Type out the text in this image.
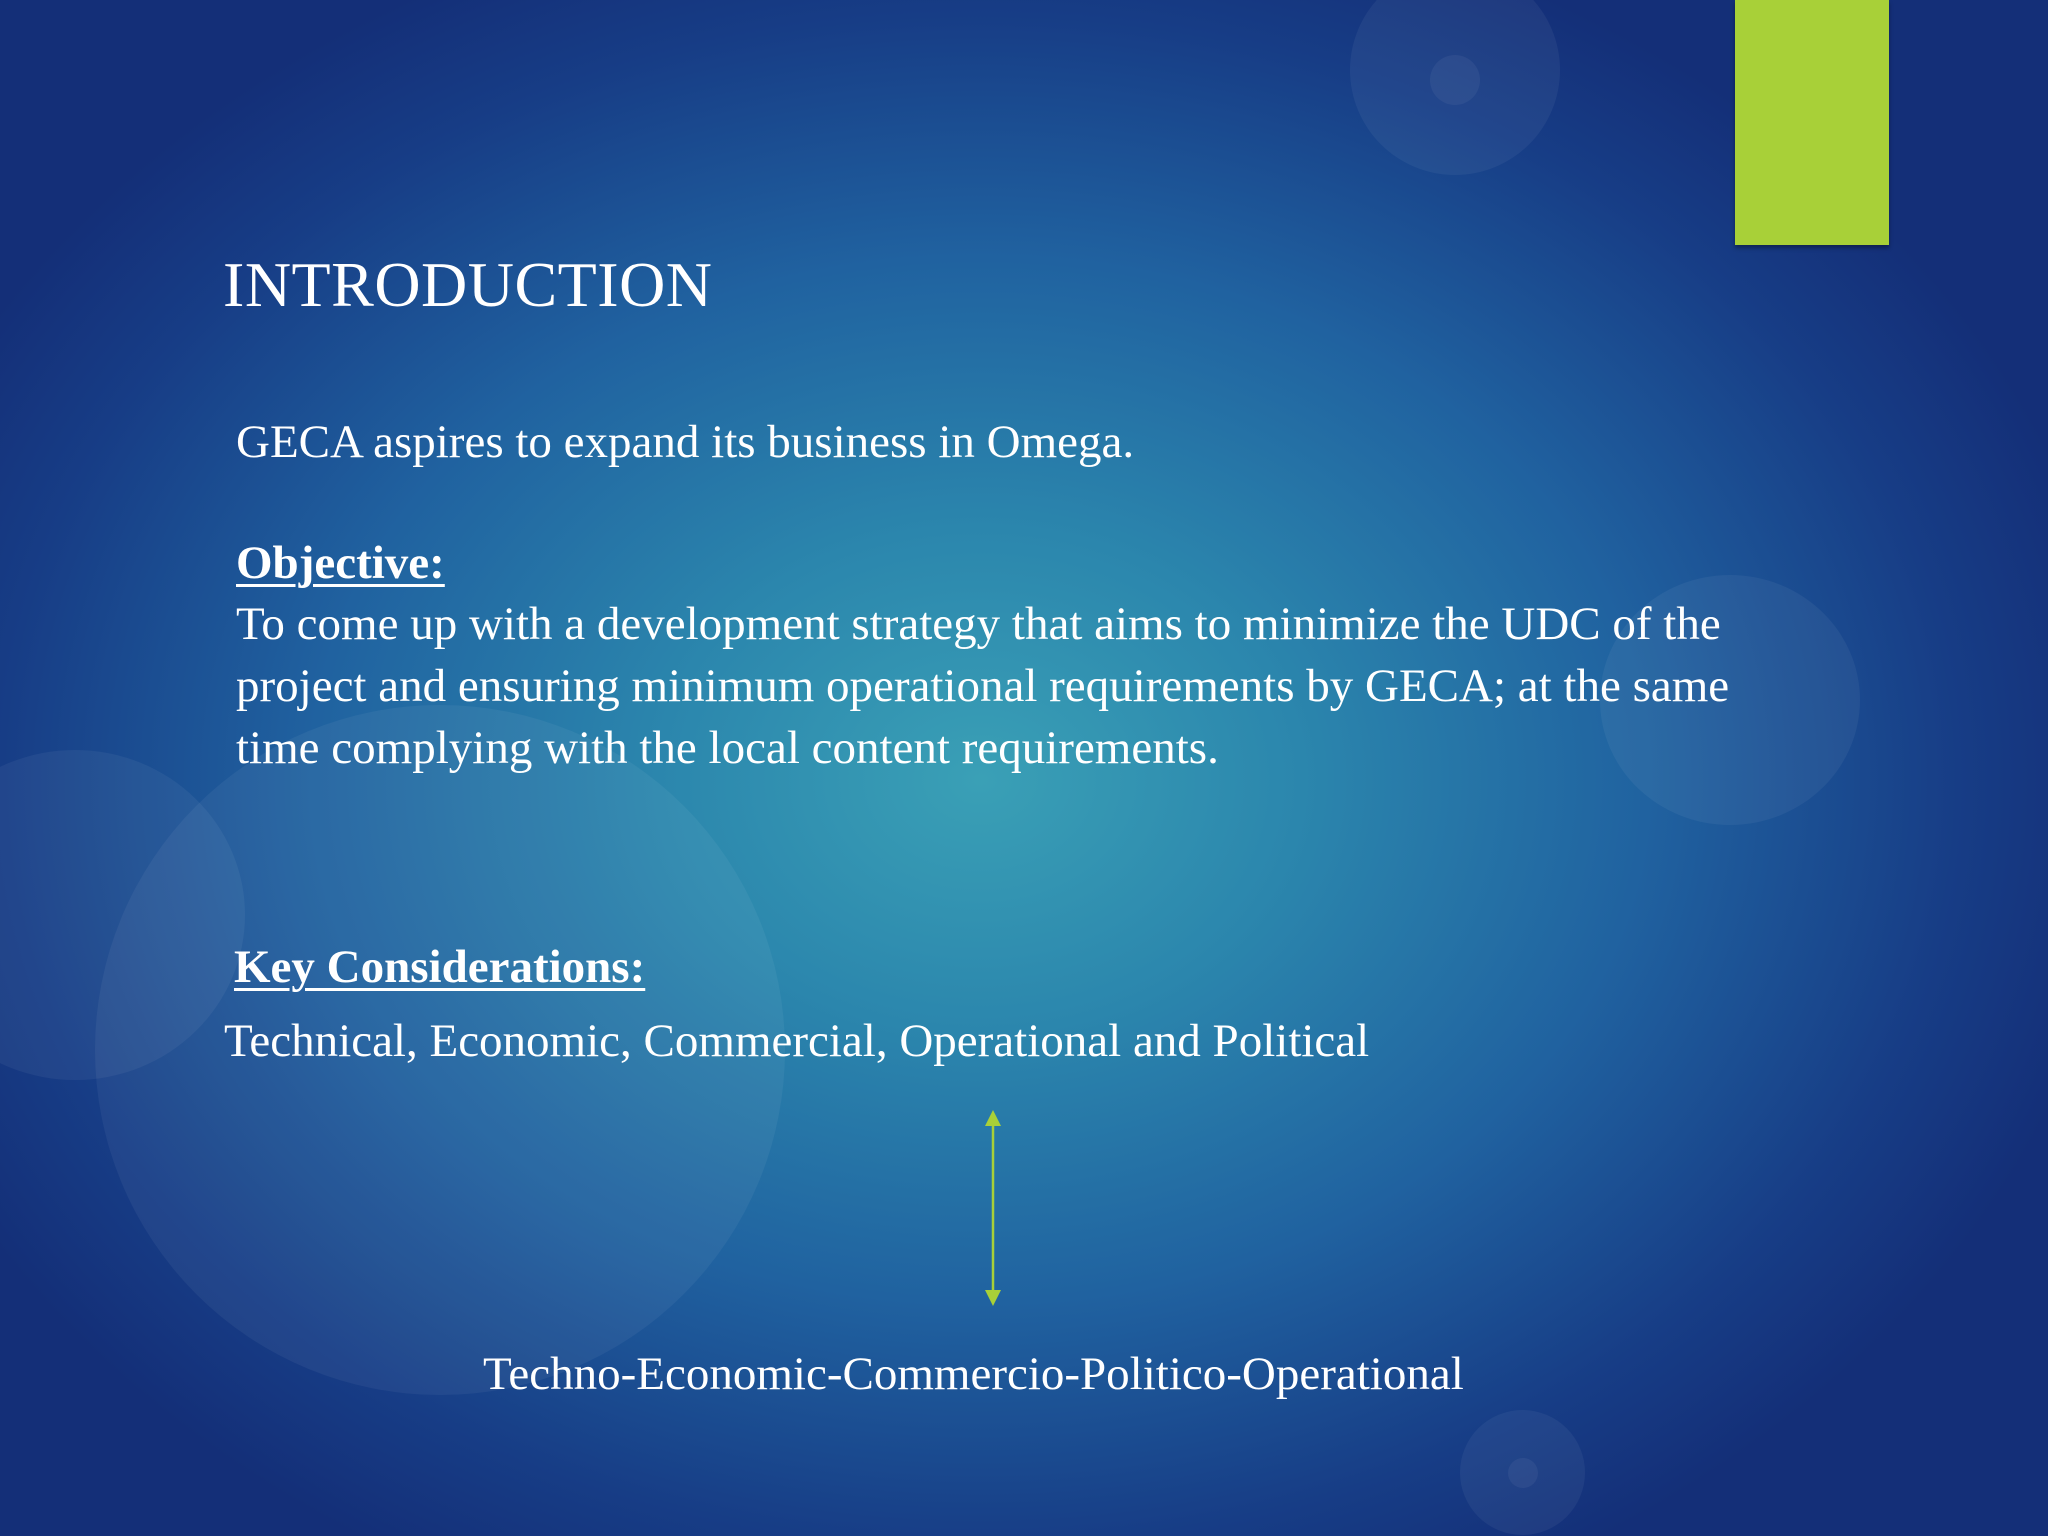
INTRODUCTION

GECA aspires to expand its business in Omega.

Objective:
To come up with a development strategy that aims to minimize the UDC of the
project and ensuring minimum operational requirements by GECA; at the same
time complying with the local content requirements.
Key Considerations:

Technical, Economic, Commercial, Operational and Political

Techno-Economic-Commercio-Politico-Operational
